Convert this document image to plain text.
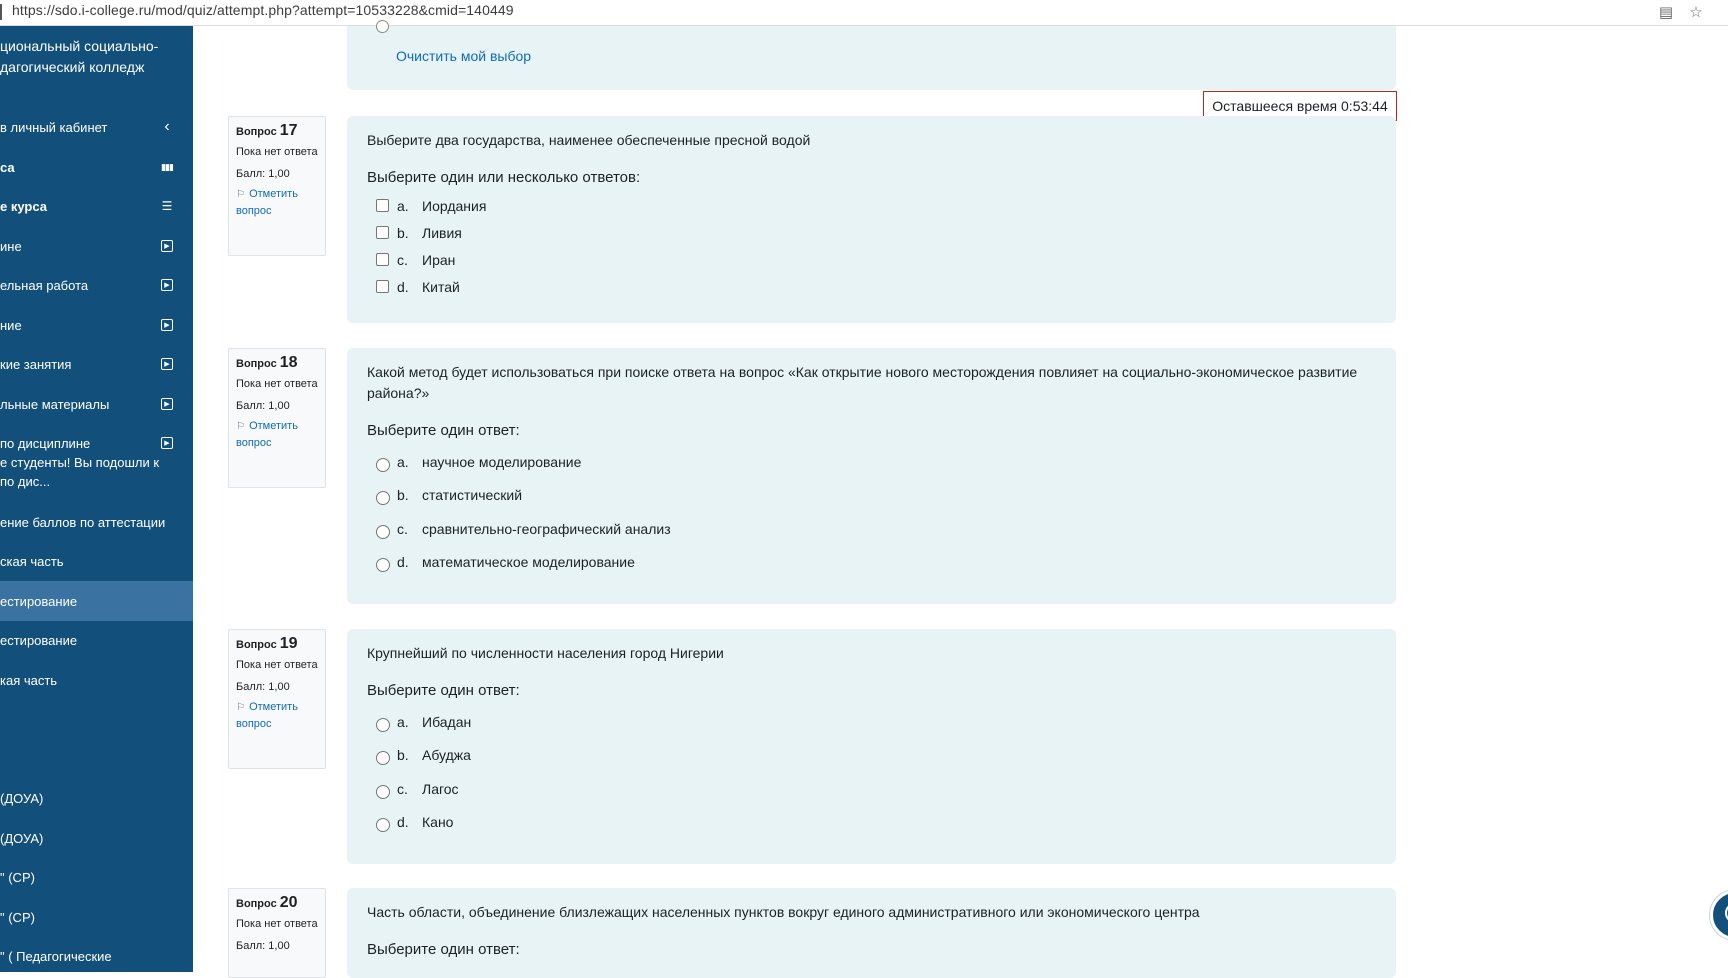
https://sdo.i-college.ru/mod/quiz/attempt.php?attempt=10533228&cmid=140449	▤ ☆
циональный социально-
дагогический колледж
в личный кабинет	‹
са	▮▮▮
е курса	☰
ине	▶
ельная работа	▶
ние	▶
кие занятия	▶
льные материалы	▶
по дисциплине	▶
е студенты! Вы подошли к
по дис...
ение баллов по аттестации
ская часть
естирование
естирование
кая часть
(ДОУА)
(ДОУА)
" (СР)
" (СР)
" ( Педагогические
Очистить мой выбор
Оставшееся время 0:53:44
Вопрос 17
Пока нет ответа
Балл: 1,00
⚐ Отметить вопрос
Выберите два государства, наименее обеспеченные пресной водой
Выберите один или несколько ответов:
a. Иордания
b. Ливия
c.	Иран
d. Китай
Вопрос 18
Пока нет ответа
Балл: 1,00
⚐ Отметить вопрос
Какой метод будет использоваться при поиске ответа на вопрос «Как открытие нового месторождения повлияет на социально-экономическое развитие района?»
Выберите один ответ:
a. научное моделирование
b. статистический
c.	сравнительно-географический анализ
d. математическое моделирование
Вопрос 19
Пока нет ответа
Балл: 1,00
⚐ Отметить вопрос
Крупнейший по численности населения город Нигерии
Выберите один ответ:
a. Ибадан
b. Абуджа
c.	Лагос
d. Кано
Вопрос 20
Пока нет ответа
Балл: 1,00
Часть области, объединение близлежащих населенных пунктов вокруг единого административного или экономического центра
Выберите один ответ:
